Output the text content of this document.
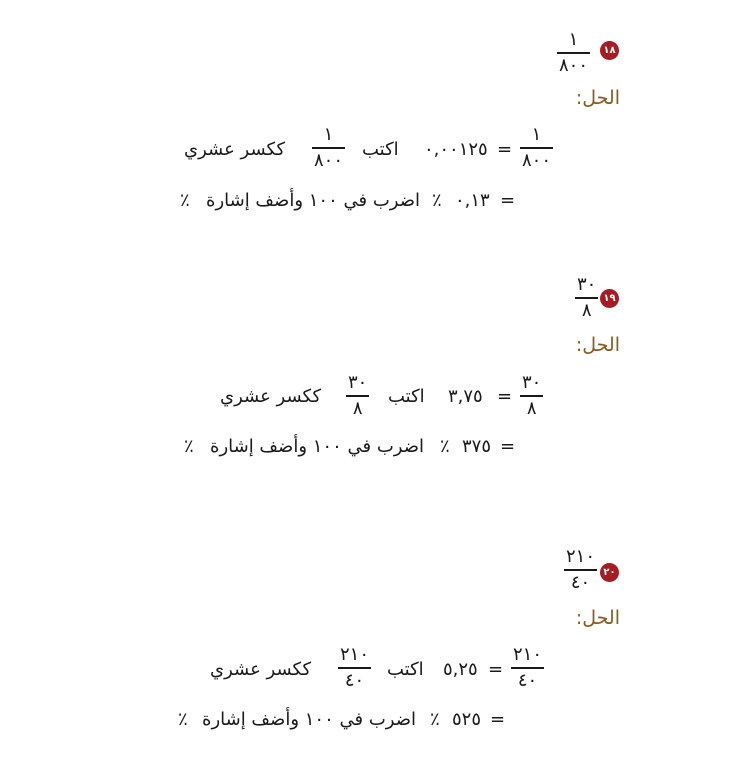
١٨
١
٨٠٠
الحل:
١
٨٠٠
=
٠,٠٠١٢٥
اكتب
١
٨٠٠
ككسر عشري
=
٠,١٣
٪
اضرب في ١٠٠ وأضف إشارة
٪
١٩
٣٠
٨
الحل:
٣٠
٨
=
٣,٧٥
اكتب
٣٠
٨
ككسر عشري
=
٣٧٥
٪
اضرب في ١٠٠ وأضف إشارة
٪
٢٠
٢١٠
٤٠
الحل:
٢١٠
٤٠
=
٥,٢٥
اكتب
٢١٠
٤٠
ككسر عشري
=
٥٢٥
٪
اضرب في ١٠٠ وأضف إشارة
٪
